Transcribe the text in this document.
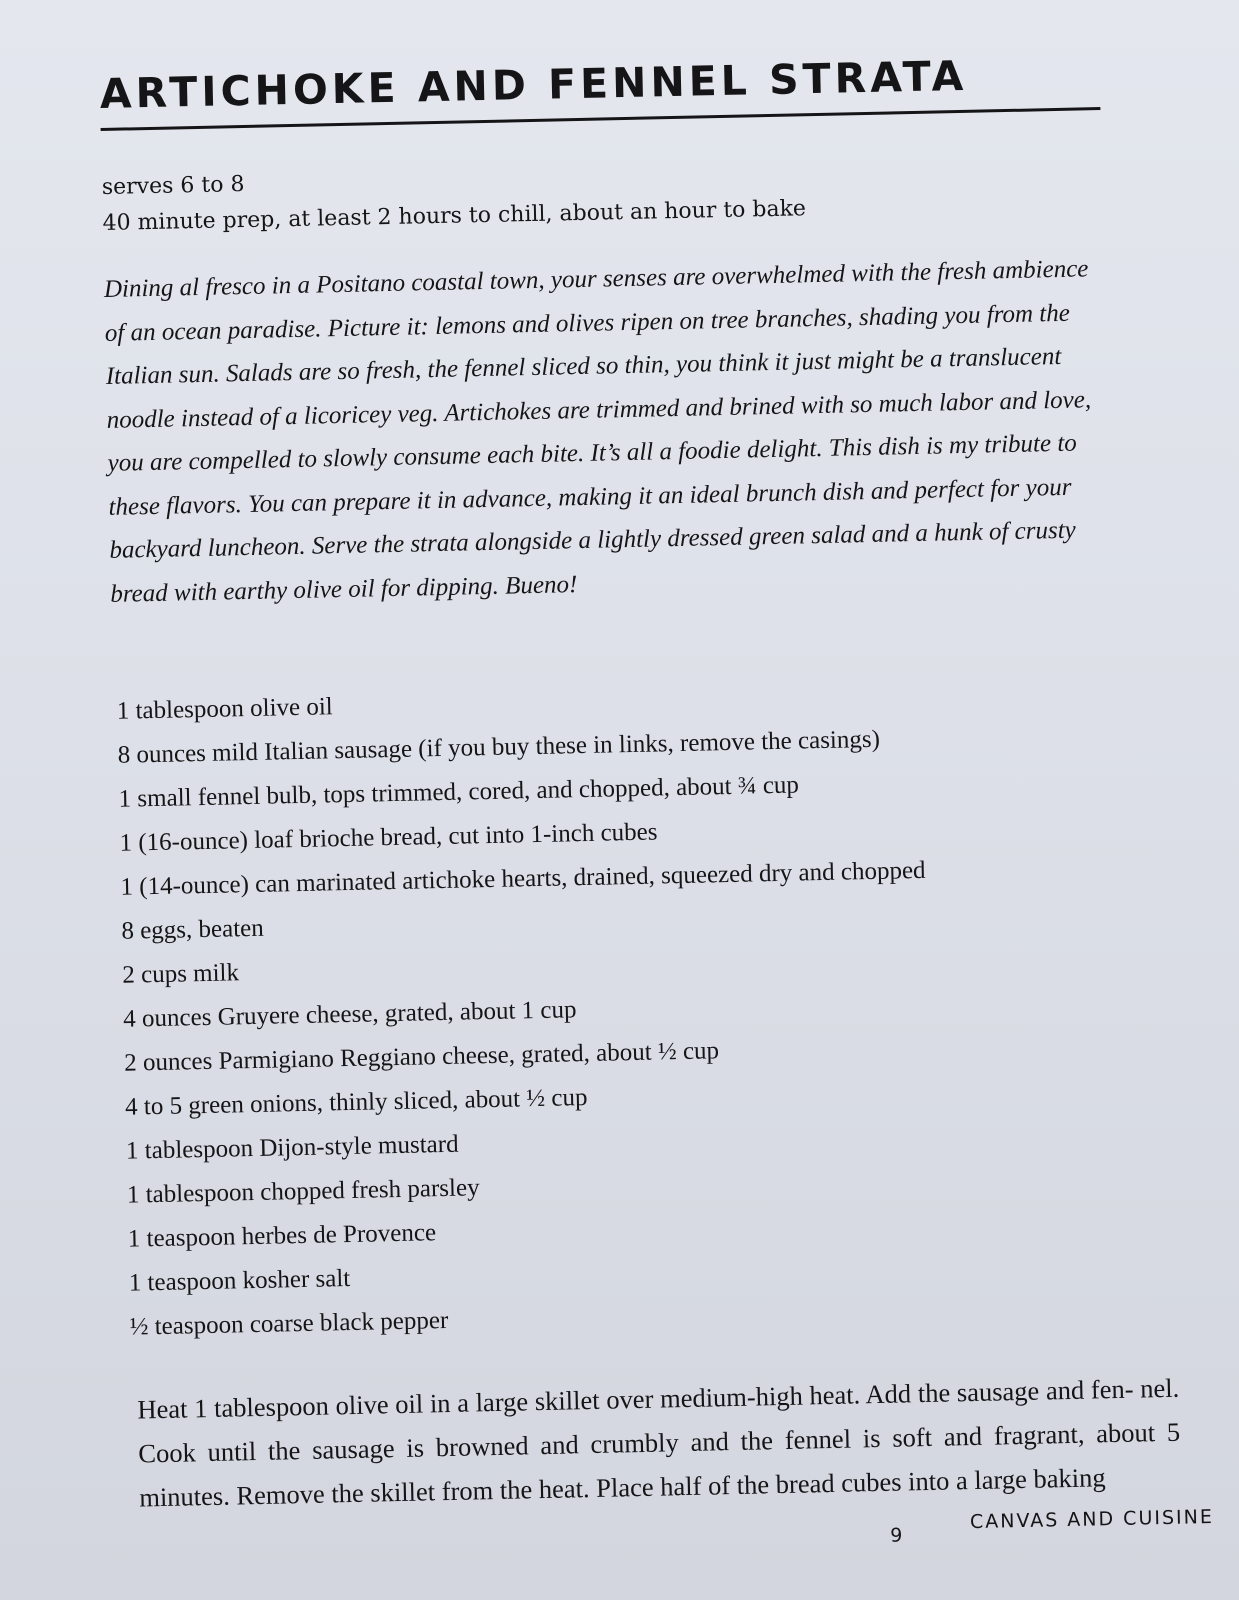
ARTICHOKE AND FENNEL STRATA
serves 6 to 8
40 minute prep, at least 2 hours to chill, about an hour to bake

Dining al fresco in a Positano coastal town, your senses are overwhelmed with the fresh ambience of an ocean paradise. Picture it: lemons and olives ripen on tree branches, shading you from the Italian sun. Salads are so fresh, the fennel sliced so thin, you think it just might be a translucent noodle instead of a licoricey veg. Artichokes are trimmed and brined with so much labor and love, you are compelled to slowly consume each bite. It’s all a foodie delight. This dish is my tribute to these flavors. You can prepare it in advance, making it an ideal brunch dish and perfect for your backyard luncheon. Serve the strata alongside a lightly dressed green salad and a hunk of crusty bread with earthy olive oil for dipping. Bueno!

1 tablespoon olive oil
8 ounces mild Italian sausage (if you buy these in links, remove the casings)
1 small fennel bulb, tops trimmed, cored, and chopped, about ¾ cup
1 (16-ounce) loaf brioche bread, cut into 1-inch cubes
1 (14-ounce) can marinated artichoke hearts, drained, squeezed dry and chopped
8 eggs, beaten
2 cups milk
4 ounces Gruyere cheese, grated, about 1 cup
2 ounces Parmigiano Reggiano cheese, grated, about ½ cup
4 to 5 green onions, thinly sliced, about ½ cup
1 tablespoon Dijon-style mustard
1 tablespoon chopped fresh parsley
1 teaspoon herbes de Provence
1 teaspoon kosher salt
½ teaspoon coarse black pepper

Heat 1 tablespoon olive oil in a large skillet over medium-high heat. Add the sausage and fen- nel. Cook until the sausage is browned and crumbly and the fennel is soft and fragrant, about 5 minutes. Remove the skillet from the heat. Place half of the bread cubes into a large baking

9
CANVAS AND CUISINE
